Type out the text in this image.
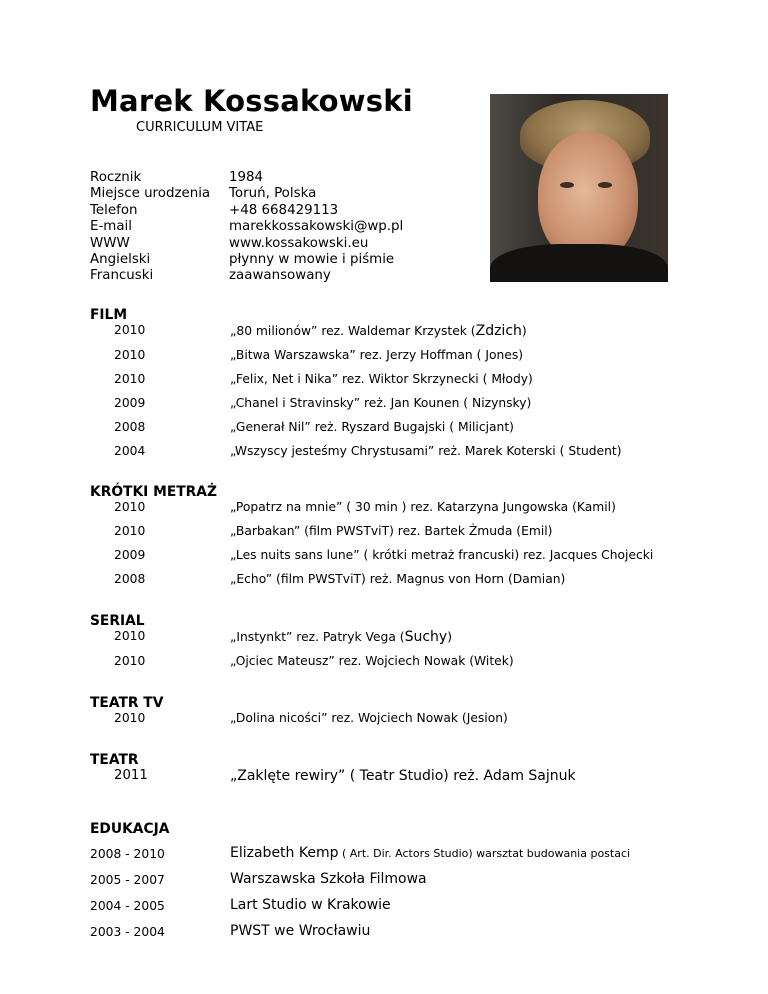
Marek Kossakowski
CURRICULUM VITAE
Rocznik	1984
Miejsce urodzenia	Toruń, Polska
Telefon	+48 668429113
E-mail	marekkossakowski@wp.pl
WWW	www.kossakowski.eu
Angielski	płynny w mowie i piśmie
Francuski	zaawansowany
FILM
2010	„80 milionów” rez. Waldemar Krzystek (Zdzich)
2010	„Bitwa Warszawska” rez. Jerzy Hoffman ( Jones)
2010	„Felix, Net i Nika” rez. Wiktor Skrzynecki ( Młody)
2009	„Chanel i Stravinsky” reż. Jan Kounen ( Nizynsky)
2008	„Generał Nil” reż. Ryszard Bugajski ( Milicjant)
2004	„Wszyscy jesteśmy Chrystusami” reż. Marek Koterski ( Student)
KRÓTKI METRAŻ
2010	„Popatrz na mnie” ( 30 min ) rez. Katarzyna Jungowska (Kamil)
2010	„Barbakan” (film PWSTviT) rez. Bartek Żmuda (Emil)
2009	„Les nuits sans lune” ( krótki metraż francuski) rez. Jacques Chojecki
2008	„Echo” (film PWSTviT) reż. Magnus von Horn (Damian)
SERIAL
2010	„Instynkt” rez. Patryk Vega (Suchy)
2010	„Ojciec Mateusz” rez. Wojciech Nowak (Witek)
TEATR TV
2010	„Dolina nicości” rez. Wojciech Nowak (Jesion)
TEATR
2011	„Zaklęte rewiry” ( Teatr Studio) reż. Adam Sajnuk
EDUKACJA
2008 - 2010	Elizabeth Kemp ( Art. Dir. Actors Studio) warsztat budowania postaci
2005 - 2007	Warszawska Szkoła Filmowa
2004 - 2005	Lart Studio w Krakowie
2003 - 2004	PWST we Wrocławiu
